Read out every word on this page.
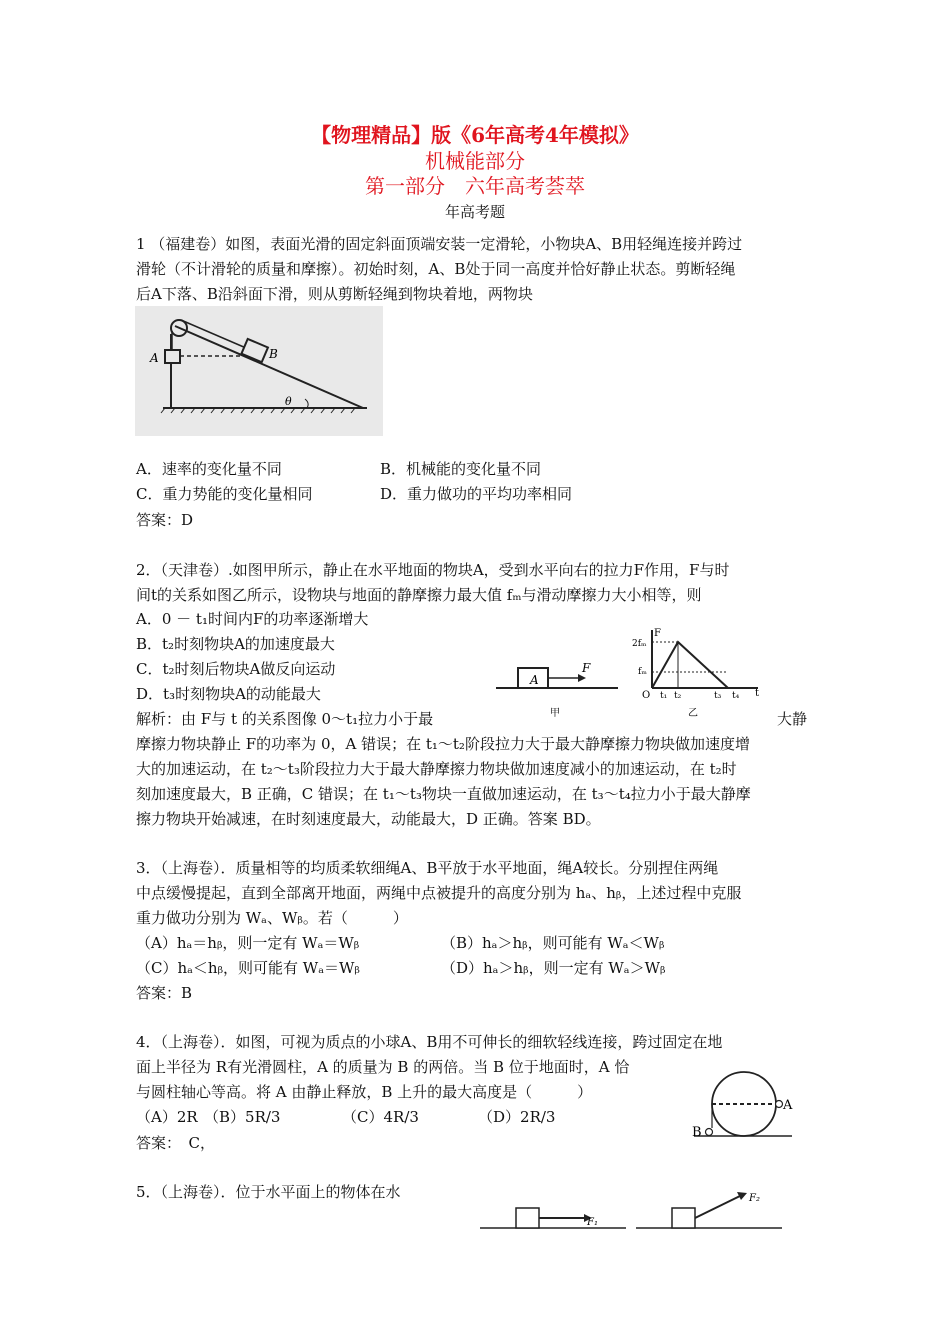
【物理精品】版《6年高考4年模拟》
机械能部分
第一部分　六年高考荟萃
年高考题
1 （福建卷）如图，表面光滑的固定斜面顶端安装一定滑轮，小物块A、B用轻绳连接并跨过
滑轮（不计滑轮的质量和摩擦）。初始时刻，A、B处于同一高度并恰好静止状态。剪断轻绳
后A下落、B沿斜面下滑，则从剪断轻绳到物块着地，两物块
A	B
θ
A．速率的变化量不同	B．机械能的变化量不同
C．重力势能的变化量相同	D．重力做功的平均功率相同
答案：D
2．（天津卷）.如图甲所示，静止在水平地面的物块A，受到水平向右的拉力F作用，F与时
间t的关系如图乙所示，设物块与地面的静摩擦力最大值 fₘ与滑动摩擦力大小相等，则
A．0 － t₁时间内F的功率逐渐增大
B．t₂时刻物块A的加速度最大
C．t₂时刻后物块A做反向运动
D．t₃时刻物块A的动能最大
A
F
F
t
2fₘ
fₘ
O t₁ t₂	t₃ t₄
甲	乙
解析：由 F与 t 的关系图像 0～t₁拉力小于最	大静
摩擦力物块静止 F的功率为 0，A 错误；在 t₁～t₂阶段拉力大于最大静摩擦力物块做加速度增
大的加速运动，在 t₂～t₃阶段拉力大于最大静摩擦力物块做加速度减小的加速运动，在 t₂时
刻加速度最大，B 正确，C 错误；在 t₁～t₃物块一直做加速运动，在 t₃～t₄拉力小于最大静摩
擦力物块开始减速，在时刻速度最大，动能最大，D 正确。答案 BD。
3．（上海卷）．质量相等的均质柔软细绳A、B平放于水平地面，绳A较长。分别捏住两绳
中点缓慢提起，直到全部离开地面，两绳中点被提升的高度分别为 hₐ、hᵦ，上述过程中克服
重力做功分别为 Wₐ、Wᵦ。若（　　　）
（A）hₐ＝hᵦ，则一定有 Wₐ＝Wᵦ	（B）hₐ＞hᵦ，则可能有 Wₐ＜Wᵦ
（C）hₐ＜hᵦ，则可能有 Wₐ＝Wᵦ	（D）hₐ＞hᵦ，则一定有 Wₐ＞Wᵦ
答案：B
4．（上海卷）．如图，可视为质点的小球A、B用不可伸长的细软轻线连接，跨过固定在地
面上半径为 R有光滑圆柱，A 的质量为 B 的两倍。当 B 位于地面时，A 恰
与圆柱轴心等高。将 A 由静止释放，B 上升的最大高度是（　　　）
（A）2R （B）5R/3	（C）4R/3	（D）2R/3
答案：　C，
A
B
5．（上海卷）．位于水平面上的物体在水
F₁
F₂
